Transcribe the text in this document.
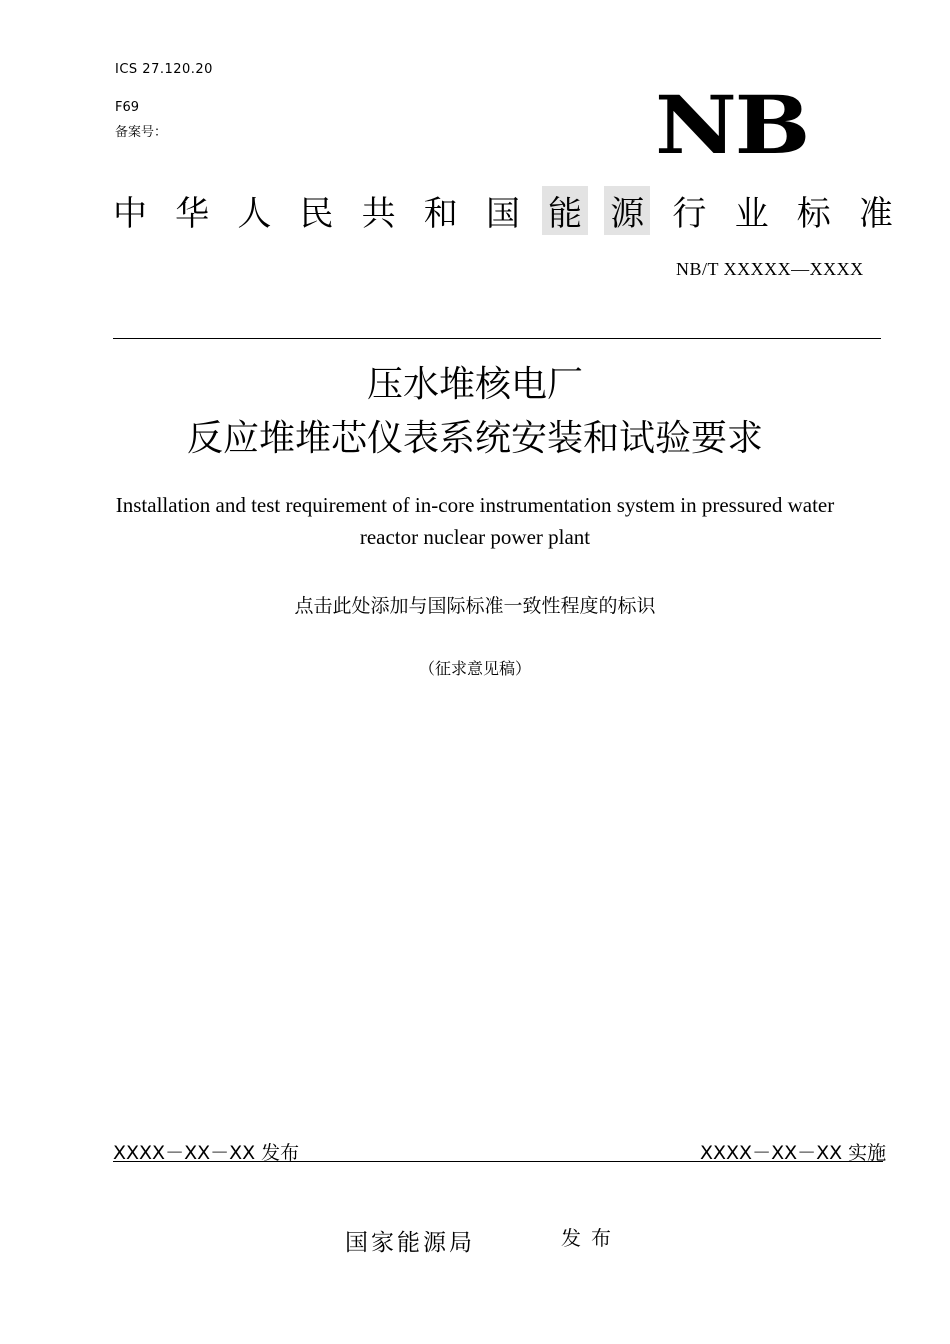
ICS 27.120.20
F69
备案号：	NB
中 华 人 民 共 和 国 能 源 行 业 标 准
NB/T XXXXX—XXXX
压水堆核电厂
反应堆堆芯仪表系统安装和试验要求
Installation and test requirement of in-core instrumentation system in pressured water
reactor nuclear power plant
点击此处添加与国际标准一致性程度的标识
（征求意见稿）
XXXX－XX－XX 发布	XXXX－XX－XX 实施
国家能源局	发布
